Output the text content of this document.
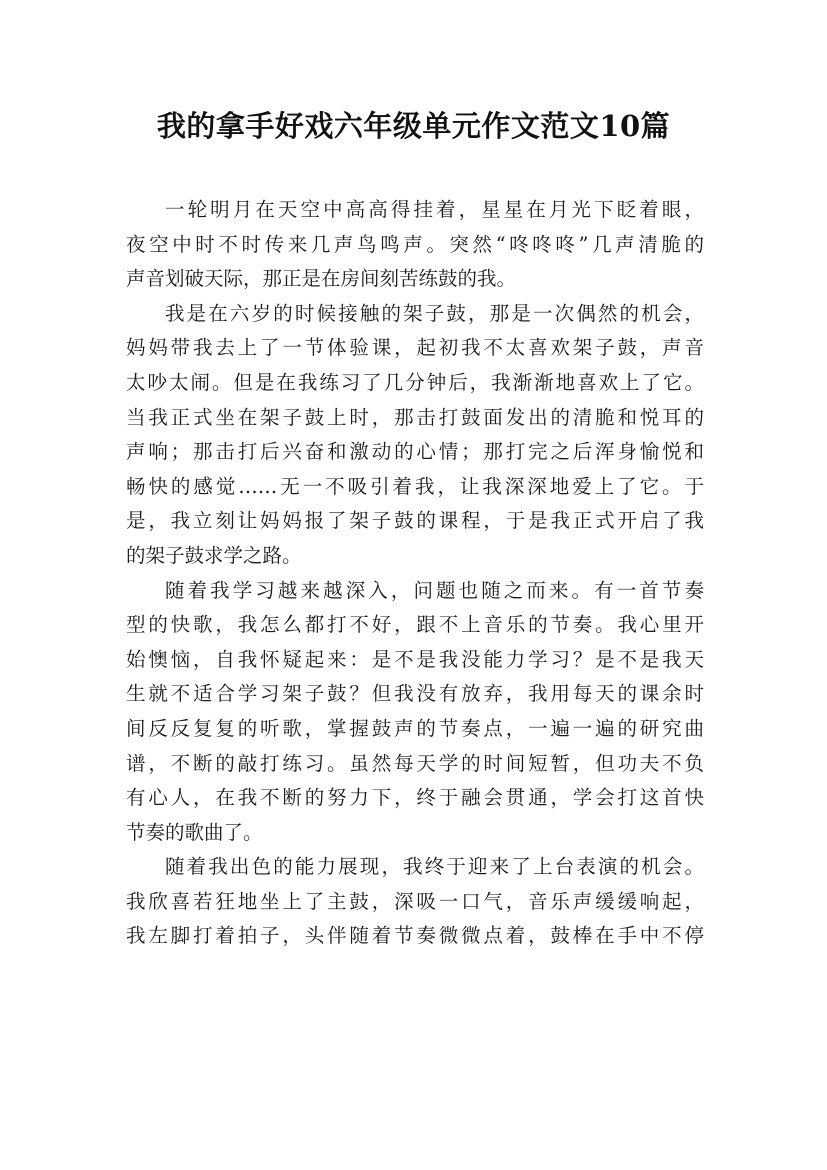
我的拿手好戏六年级单元作文范文10篇
一轮明月在天空中高高得挂着，星星在月光下眨着眼，
夜空中时不时传来几声鸟鸣声。突然“咚咚咚”几声清脆的
声音划破天际，那正是在房间刻苦练鼓的我。
我是在六岁的时候接触的架子鼓，那是一次偶然的机会，
妈妈带我去上了一节体验课，起初我不太喜欢架子鼓，声音
太吵太闹。但是在我练习了几分钟后，我渐渐地喜欢上了它。
当我正式坐在架子鼓上时，那击打鼓面发出的清脆和悦耳的
声响；那击打后兴奋和激动的心情；那打完之后浑身愉悦和
畅快的感觉……无一不吸引着我，让我深深地爱上了它。于
是，我立刻让妈妈报了架子鼓的课程，于是我正式开启了我
的架子鼓求学之路。
随着我学习越来越深入，问题也随之而来。有一首节奏
型的快歌，我怎么都打不好，跟不上音乐的节奏。我心里开
始懊恼，自我怀疑起来：是不是我没能力学习？是不是我天
生就不适合学习架子鼓？但我没有放弃，我用每天的课余时
间反反复复的听歌，掌握鼓声的节奏点，一遍一遍的研究曲
谱，不断的敲打练习。虽然每天学的时间短暂，但功夫不负
有心人，在我不断的努力下，终于融会贯通，学会打这首快
节奏的歌曲了。
随着我出色的能力展现，我终于迎来了上台表演的机会。
我欣喜若狂地坐上了主鼓，深吸一口气，音乐声缓缓响起，
我左脚打着拍子，头伴随着节奏微微点着，鼓棒在手中不停
